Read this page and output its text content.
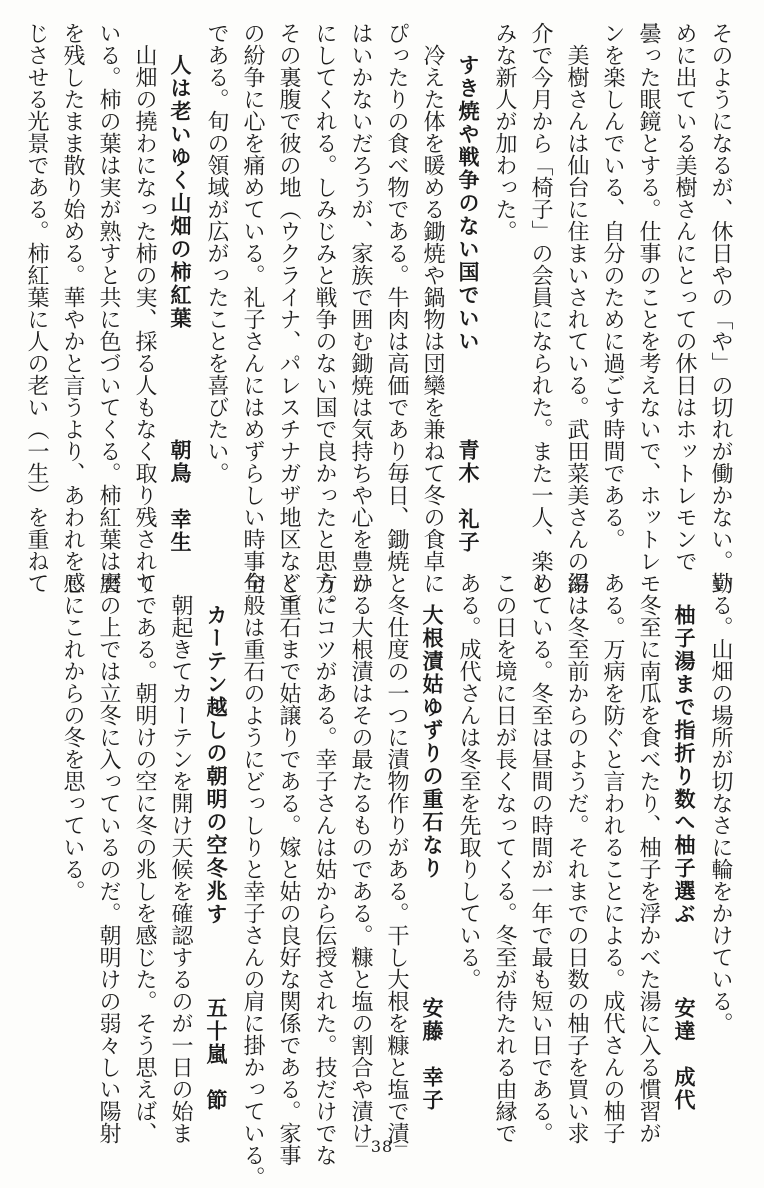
そのようになるが、休日やの「や」の切れが働かない。勤
めに出ている美樹さんにとっての休日はホットレモンで
曇った眼鏡とする。仕事のことを考えないで、ホットレモ
ンを楽しんでいる、自分のために過ごす時間である。
　美樹さんは仙台に住まいされている。武田菜美さんの紹
介で今月から「椅子」の会員になられた。また一人、楽し
みな新人が加わった。
すき焼や戦争のない国でいい
青木　礼子
　冷えた体を暖める鋤焼や鍋物は団欒を兼ねて冬の食卓に
ぴったりの食べ物である。牛肉は高価であり毎日、鋤焼と
はいかないだろうが、家族で囲む鋤焼は気持ちや心を豊か
にしてくれる。しみじみと戦争のない国で良かったと思う。
その裏腹で彼の地（ウクライナ、パレスチナガザ地区など）
の紛争に心を痛めている。礼子さんにはめずらしい時事句
である。旬の領域が広がったことを喜びたい。
人は老いゆく山畑の柿紅葉
朝鳥　幸生
　山畑の撓わになった柿の実、採る人もなく取り残されて
いる。柿の葉は実が熟すと共に色づいてくる。柿紅葉は実
を残したまま散り始める。華やかと言うより、あわれを感
じさせる光景である。柿紅葉に人の老い（一生）を重ねて
いる。山畑の場所が切なさに輪をかけている。
柚子湯まで指折り数へ柚子選ぶ
安達　成代
　冬至に南瓜を食べたり、柚子を浮かべた湯に入る慣習が
ある。万病を防ぐと言われることによる。成代さんの柚子
湯は冬至前からのようだ。それまでの日数の柚子を買い求
めている。冬至は昼間の時間が一年で最も短い日である。
この日を境に日が長くなってくる。冬至が待たれる由縁で
ある。成代さんは冬至を先取りしている。
大根漬姑ゆずりの重石なり
安藤　幸子
　冬仕度の一つに漬物作りがある。干し大根を糠と塩で漬
ける大根漬はその最たるものである。糠と塩の割合や漬け
方にコツがある。幸子さんは姑から伝授された。技だけでな
く重石まで姑譲りである。嫁と姑の良好な関係である。家事
全般は重石のようにどっしりと幸子さんの肩に掛かっている。
カーテン越しの朝明の空冬兆す
五十嵐　節
　朝起きてカーテンを開け天候を確認するのが一日の始ま
りである。朝明けの空に冬の兆しを感じた。そう思えば、
暦の上では立冬に入っているのだ。朝明けの弱々しい陽射
しにこれからの冬を思っている。
－38－
